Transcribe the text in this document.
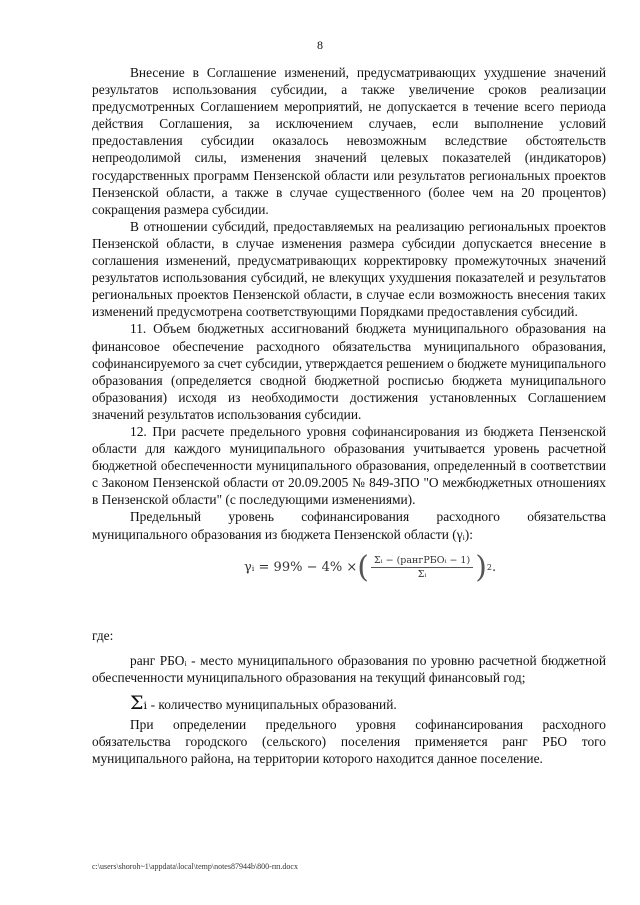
8

Внесение в Соглашение изменений, предусматривающих ухудшение значений результатов использования субсидии, а также увеличение сроков реализации предусмотренных Соглашением мероприятий, не допускается в течение всего периода действия Соглашения, за исключением случаев, если выполнение условий предоставления субсидии оказалось невозможным вследствие обстоятельств непреодолимой силы, изменения значений целевых показателей (индикаторов) государственных программ Пензенской области или результатов региональных проектов Пензенской области, а также в случае существенного (более чем на 20 процентов) сокращения размера субсидии.

В отношении субсидий, предоставляемых на реализацию региональных проектов Пензенской области, в случае изменения размера субсидии допускается внесение в соглашения изменений, предусматривающих корректировку промежуточных значений результатов использования субсидий, не влекущих ухудшения показателей и результатов региональных проектов Пензенской области, в случае если возможность внесения таких изменений предусмотрена соответствующими Порядками предоставления субсидий.

11. Объем бюджетных ассигнований бюджета муниципального образования на финансовое обеспечение расходного обязательства муниципального образования, софинансируемого за счет субсидии, утверждается решением о бюджете муниципального образования (определяется сводной бюджетной росписью бюджета муниципального образования) исходя из необходимости достижения установленных Соглашением значений результатов использования субсидии.

12. При расчете предельного уровня софинансирования из бюджета Пензенской области для каждого муниципального образования учитывается уровень расчетной бюджетной обеспеченности муниципального образования, определенный в соответствии с Законом Пензенской области от 20.09.2005 № 849-ЗПО "О межбюджетных отношениях в Пензенской области" (с последующими изменениями).

Предельный уровень софинансирования расходного обязательства муниципального образования из бюджета Пензенской области (γᵢ):

γᵢ = 99% − 4% × ( $\frac{\text{Σᵢ − (рангРБОᵢ − 1)}}{\text{Σᵢ}}$ ) 2 .

где:

ранг РБОᵢ - место муниципального образования по уровню расчетной бюджетной обеспеченности муниципального образования на текущий финансовый год;

Σᵢ - количество муниципальных образований.

При определении предельного уровня софинансирования расходного обязательства городского (сельского) поселения применяется ранг РБО того муниципального района, на территории которого находится данное поселение.

c:\users\shoroh~1\appdata\local\temp\notes87944b\800-пп.docx
